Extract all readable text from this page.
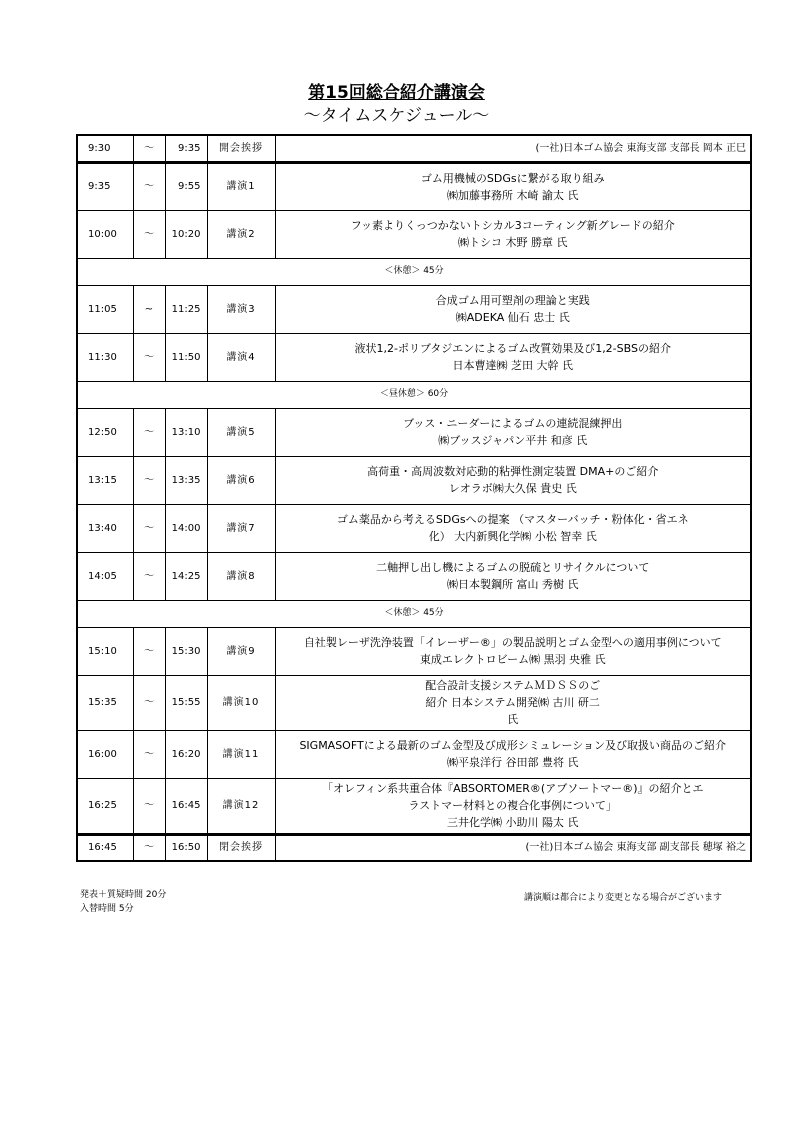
第15回総合紹介講演会
～タイムスケジュール～
9:30	～	9:35	開会挨拶	(一社)日本ゴム協会 東海支部 支部長 岡本 正巳

9:35	～	9:55	講演1	ゴム用機械のSDGsに繋がる取り組み
㈱加藤事務所 木崎 諭太 氏

10:00	～	10:20	講演2	フッ素よりくっつかないトシカル3コーティング新グレードの紹介
㈱トシコ 木野 勝章 氏

＜休憩＞ 45分				
11:05	~	11:25	講演3	合成ゴム用可塑剤の理論と実践
㈱ADEKA 仙石 忠士 氏

11:30	～	11:50	講演4	液状1,2-ポリブタジエンによるゴム改質効果及び1,2-SBSの紹介
日本曹達㈱ 芝田 大幹 氏

＜昼休憩＞ 60分				
12:50	～	13:10	講演5	ブッス・ニーダーによるゴムの連続混練押出
㈱ブッスジャパン平井 和彦 氏

13:15	～	13:35	講演6	高荷重・高周波数対応動的粘弾性測定装置 DMA+のご紹介
レオラボ㈱大久保 貴史 氏

13:40	～	14:00	講演7	ゴム薬品から考えるSDGsへの提案 （マスターバッチ・粉体化・省エネ
化） 大内新興化学㈱ 小松 智幸 氏

14:05	～	14:25	講演8	二軸押し出し機によるゴムの脱硫とリサイクルについて
㈱日本製鋼所 富山 秀樹 氏

＜休憩＞ 45分				
15:10	～	15:30	講演9	自社製レーザ洗浄装置「イレーザー®」の製品説明とゴム金型への適用事例について
東成エレクトロビーム㈱ 黒羽 央雅 氏

15:35	～	15:55	講演10	配合設計支援システムＭＤＳＳのご
紹介 日本システム開発㈱ 古川 研二
氏

16:00	～	16:20	講演11	SIGMASOFTによる最新のゴム金型及び成形シミュレーション及び取扱い商品のご紹介
㈱平泉洋行 谷田部 豊将 氏

16:25	～	16:45	講演12	「オレフィン系共重合体『ABSORTOMER®(アブソートマー®)』の紹介とエ
ラストマー材料との複合化事例について」
三井化学㈱ 小助川 陽太 氏

16:45	～	16:50	閉会挨拶	(一社)日本ゴム協会 東海支部 副支部長 穂塚 裕之
発表＋質疑時間 20分
入替時間 5分
講演順は都合により変更となる場合がございます
